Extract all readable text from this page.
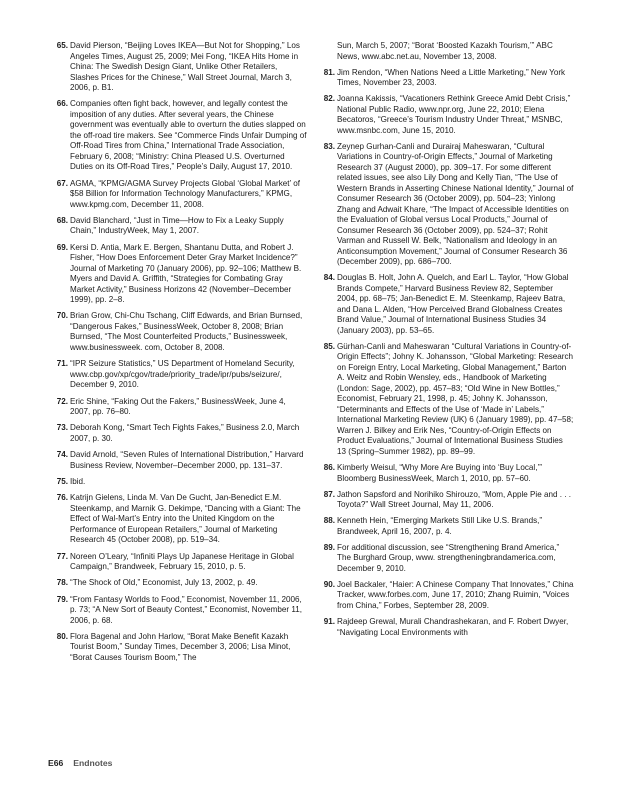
65. David Pierson, “Beijing Loves IKEA—But Not for Shopping,” Los Angeles Times, August 25, 2009; Mei Fong, “IKEA Hits Home in China: The Swedish Design Giant, Unlike Other Retailers, Slashes Prices for the Chinese,” Wall Street Journal, March 3, 2006, p. B1.
66. Companies often fight back, however, and legally contest the imposition of any duties. After several years, the Chinese government was eventually able to overturn the duties slapped on the off-road tire makers. See “Commerce Finds Unfair Dumping of Off-Road Tires from China,” International Trade Association, February 6, 2008; “Ministry: China Pleased U.S. Overturned Duties on its Off-Road Tires,” People’s Daily, August 17, 2010.
67. AGMA, “KPMG/AGMA Survey Projects Global ‘Global Market’ of $58 Billion for Information Technology Manufacturers,” KPMG, www.kpmg.com, December 11, 2008.
68. David Blanchard, “Just in Time—How to Fix a Leaky Supply Chain,” IndustryWeek, May 1, 2007.
69. Kersi D. Antia, Mark E. Bergen, Shantanu Dutta, and Robert J. Fisher, “How Does Enforcement Deter Gray Market Incidence?” Journal of Marketing 70 (January 2006), pp. 92–106; Matthew B. Myers and David A. Griffith, “Strategies for Combating Gray Market Activity,” Business Horizons 42 (November–December 1999), pp. 2–8.
70. Brian Grow, Chi-Chu Tschang, Cliff Edwards, and Brian Burnsed, “Dangerous Fakes,” BusinessWeek, October 8, 2008; Brian Burnsed, “The Most Counterfeited Products,” Businessweek, www.businessweek. com, October 8, 2008.
71. “IPR Seizure Statistics,” US Department of Homeland Security, www.cbp.gov/xp/cgov/trade/priority_trade/ipr/pubs/seizure/, December 9, 2010.
72. Eric Shine, “Faking Out the Fakers,” BusinessWeek, June 4, 2007, pp. 76–80.
73. Deborah Kong, “Smart Tech Fights Fakes,” Business 2.0, March 2007, p. 30.
74. David Arnold, “Seven Rules of International Distribution,” Harvard Business Review, November–December 2000, pp. 131–37.
75. Ibid.
76. Katrijn Gielens, Linda M. Van De Gucht, Jan-Benedict E.M. Steenkamp, and Marnik G. Dekimpe, “Dancing with a Giant: The Effect of Wal-Mart’s Entry into the United Kingdom on the Performance of European Retailers,” Journal of Marketing Research 45 (October 2008), pp. 519–34.
77. Noreen O’Leary, “Infiniti Plays Up Japanese Heritage in Global Campaign,” Brandweek, February 15, 2010, p. 5.
78. “The Shock of Old,” Economist, July 13, 2002, p. 49.
79. “From Fantasy Worlds to Food,” Economist, November 11, 2006, p. 73; “A New Sort of Beauty Contest,” Economist, November 11, 2006, p. 68.
80. Flora Bagenal and John Harlow, “Borat Make Benefit Kazakh Tourist Boom,” Sunday Times, December 3, 2006; Lisa Minot, “Borat Causes Tourism Boom,” The
Sun, March 5, 2007; “Borat ‘Boosted Kazakh Tourism,’” ABC News, www.abc.net.au, November 13, 2008.
81. Jim Rendon, “When Nations Need a Little Marketing,” New York Times, November 23, 2003.
82. Joanna Kakissis, “Vacationers Rethink Greece Amid Debt Crisis,” National Public Radio, www.npr.org, June 22, 2010; Elena Becatoros, “Greece’s Tourism Industry Under Threat,” MSNBC, www.msnbc.com, June 15, 2010.
83. Zeynep Gurhan-Canli and Durairaj Maheswaran, “Cultural Variations in Country-of-Origin Effects,” Journal of Marketing Research 37 (August 2000), pp. 309–17. For some different related issues, see also Lily Dong and Kelly Tian, “The Use of Western Brands in Asserting Chinese National Identity,” Journal of Consumer Research 36 (October 2009), pp. 504–23; Yinlong Zhang and Adwait Khare, “The Impact of Accessible Identities on the Evaluation of Global versus Local Products,” Journal of Consumer Research 36 (October 2009), pp. 524–37; Rohit Varman and Russell W. Belk, “Nationalism and Ideology in an Anticonsumption Movement,” Journal of Consumer Research 36 (December 2009), pp. 686–700.
84. Douglas B. Holt, John A. Quelch, and Earl L. Taylor, “How Global Brands Compete,” Harvard Business Review 82, September 2004, pp. 68–75; Jan-Benedict E. M. Steenkamp, Rajeev Batra, and Dana L. Alden, “How Perceived Brand Globalness Creates Brand Value,” Journal of International Business Studies 34 (January 2003), pp. 53–65.
85. Gürhan-Canli and Maheswaran “Cultural Variations in Country-of-Origin Effects”; Johny K. Johansson, “Global Marketing: Research on Foreign Entry, Local Marketing, Global Management,” Barton A. Weitz and Robin Wensley, eds., Handbook of Marketing (London: Sage, 2002), pp. 457–83; “Old Wine in New Bottles,” Economist, February 21, 1998, p. 45; Johny K. Johansson, “Determinants and Effects of the Use of ‘Made in’ Labels,” International Marketing Review (UK) 6 (January 1989), pp. 47–58; Warren J. Bilkey and Erik Nes, “Country-of-Origin Effects on Product Evaluations,” Journal of International Business Studies 13 (Spring–Summer 1982), pp. 89–99.
86. Kimberly Weisul, “Why More Are Buying into ‘Buy Local,’” Bloomberg BusinessWeek, March 1, 2010, pp. 57–60.
87. Jathon Sapsford and Norihiko Shirouzo, “Mom, Apple Pie and . . . Toyota?” Wall Street Journal, May 11, 2006.
88. Kenneth Hein, “Emerging Markets Still Like U.S. Brands,” Brandweek, April 16, 2007, p. 4.
89. For additional discussion, see “Strengthening Brand America,” The Burghard Group, www. strengtheningbrandamerica.com, December 9, 2010.
90. Joel Backaler, “Haier: A Chinese Company That Innovates,” China Tracker, www.forbes.com, June 17, 2010; Zhang Ruimin, “Voices from China,” Forbes, September 28, 2009.
91. Rajdeep Grewal, Murali Chandrashekaran, and F. Robert Dwyer, “Navigating Local Environments with
E66 Endnotes
